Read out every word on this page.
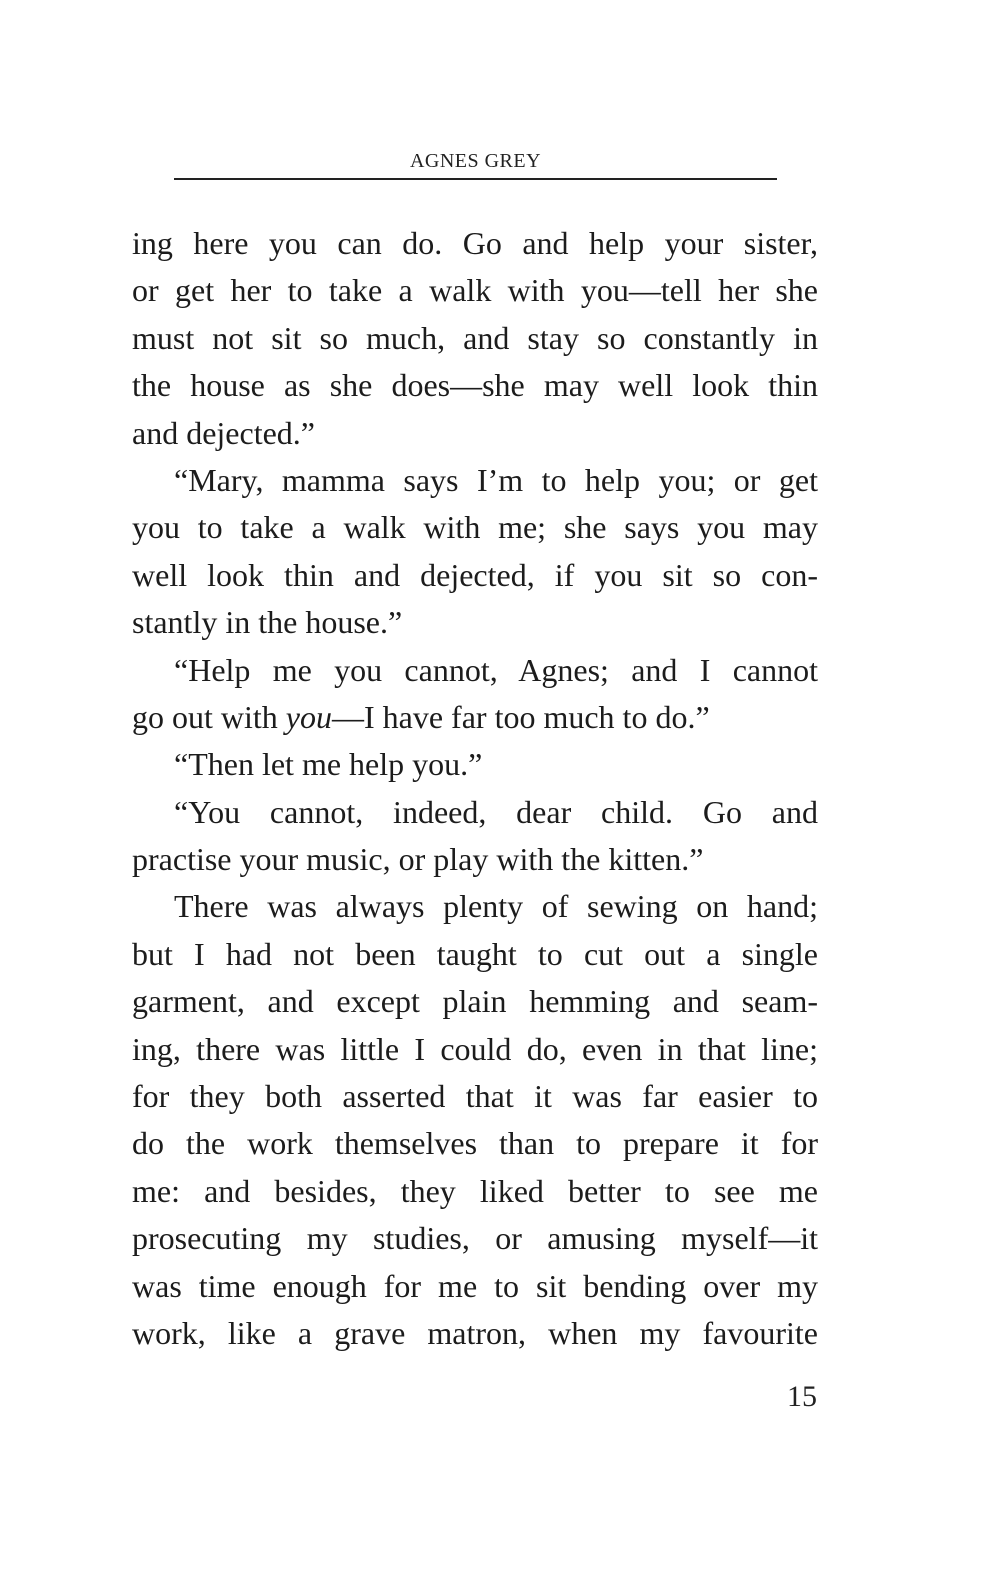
AGNES GREY
ing here you can do. Go and help your sister,
or get her to take a walk with you—tell her she
must not sit so much, and stay so constantly in
the house as she does—she may well look thin
and dejected.”
“Mary, mamma says I’m to help you; or get
you to take a walk with me; she says you may
well look thin and dejected, if you sit so con-
stantly in the house.”
“Help me you cannot, Agnes; and I cannot
go out with you—I have far too much to do.”
“Then let me help you.”
“You cannot, indeed, dear child. Go and
practise your music, or play with the kitten.”
There was always plenty of sewing on hand;
but I had not been taught to cut out a single
garment, and except plain hemming and seam-
ing, there was little I could do, even in that line;
for they both asserted that it was far easier to
do the work themselves than to prepare it for
me: and besides, they liked better to see me
prosecuting my studies, or amusing myself—it
was time enough for me to sit bending over my
work, like a grave matron, when my favourite
15
